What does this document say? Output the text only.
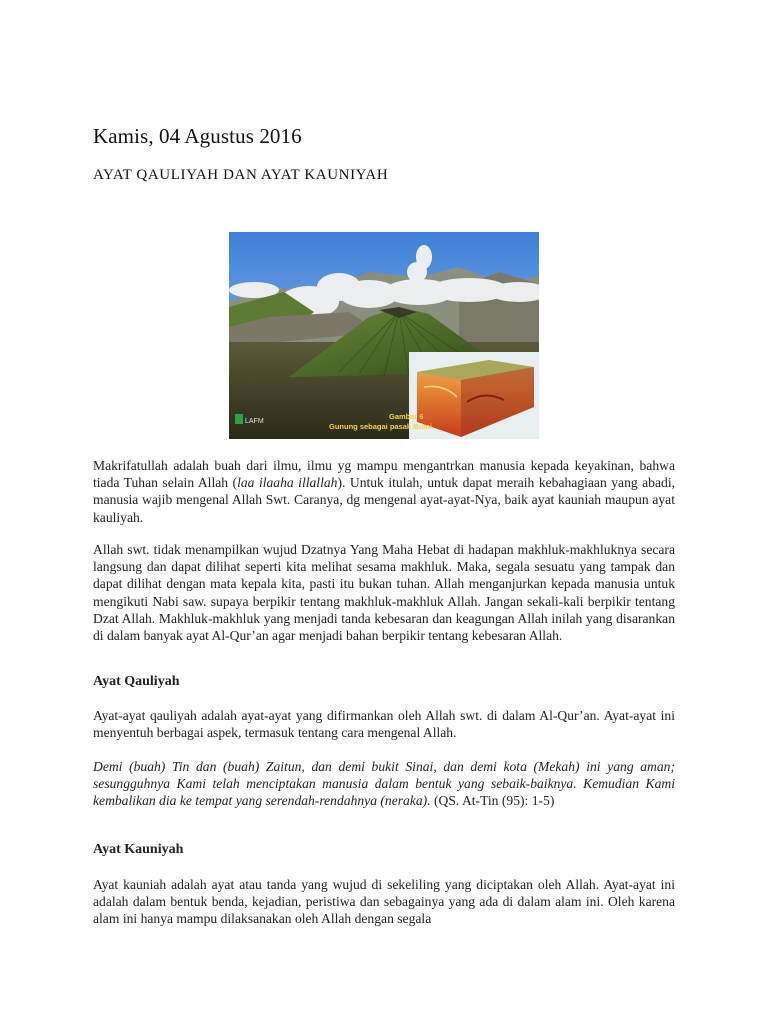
Kamis, 04 Agustus 2016
AYAT QAULIYAH DAN AYAT KAUNIYAH
LAFM
Gambar 6
Gunung sebagai pasak Bumi

Makrifatullah adalah buah dari ilmu, ilmu yg mampu mengantrkan manusia kepada keyakinan, bahwa tiada Tuhan selain Allah (laa ilaaha illallah). Untuk itulah, untuk dapat meraih kebahagiaan yang abadi, manusia wajib mengenal Allah Swt. Caranya, dg mengenal ayat-ayat-Nya, baik ayat kauniah maupun ayat kauliyah.

Allah swt. tidak menampilkan wujud Dzatnya Yang Maha Hebat di hadapan makhluk-makhluknya secara langsung dan dapat dilihat seperti kita melihat sesama makhluk. Maka, segala sesuatu yang tampak dan dapat dilihat dengan mata kepala kita, pasti itu bukan tuhan. Allah menganjurkan kepada manusia untuk mengikuti Nabi saw. supaya berpikir tentang makhluk-makhluk Allah. Jangan sekali-kali berpikir tentang Dzat Allah. Makhluk-makhluk yang menjadi tanda kebesaran dan keagungan Allah inilah yang disarankan di dalam banyak ayat Al-Qur’an agar menjadi bahan berpikir tentang kebesaran Allah.

Ayat Qauliyah

Ayat-ayat qauliyah adalah ayat-ayat yang difirmankan oleh Allah swt. di dalam Al-Qur’an. Ayat-ayat ini menyentuh berbagai aspek, termasuk tentang cara mengenal Allah.

Demi (buah) Tin dan (buah) Zaitun, dan demi bukit Sinai, dan demi kota (Mekah) ini yang aman; sesungguhnya Kami telah menciptakan manusia dalam bentuk yang sebaik-baiknya. Kemudian Kami kembalikan dia ke tempat yang serendah-rendahnya (neraka). (QS. At-Tin (95): 1-5)

Ayat Kauniyah

Ayat kauniah adalah ayat atau tanda yang wujud di sekeliling yang diciptakan oleh Allah. Ayat-ayat ini adalah dalam bentuk benda, kejadian, peristiwa dan sebagainya yang ada di dalam alam ini. Oleh karena alam ini hanya mampu dilaksanakan oleh Allah dengan segala
